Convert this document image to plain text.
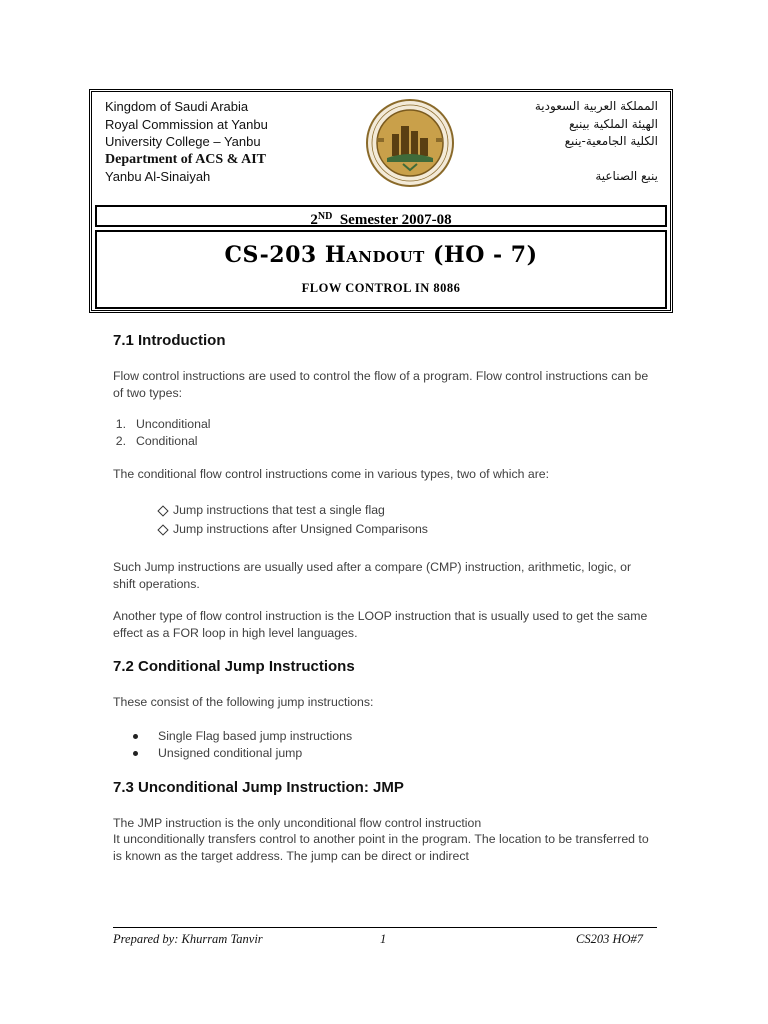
Kingdom of Saudi Arabia
Royal Commission at Yanbu
University College – Yanbu
Department of ACS & AIT
Yanbu Al-Sinaiyah
المملكة العربية السعودية
الهيئة الملكية بينبع
الكلية الجامعية-ينبع
ينبع الصناعية
2ND Semester 2007-08
CS-203 Handout (HO - 7)
FLOW CONTROL IN 8086
7.1 Introduction
Flow control instructions are used to control the flow of a program. Flow control instructions can be of two types:
1. Unconditional
2. Conditional
The conditional flow control instructions come in various types, two of which are:
Jump instructions that test a single flag
Jump instructions after Unsigned Comparisons
Such Jump instructions are usually used after a compare (CMP) instruction, arithmetic, logic, or shift operations.
Another type of flow control instruction is the LOOP instruction that is usually used to get the same effect as a FOR loop in high level languages.
7.2 Conditional Jump Instructions
These consist of the following jump instructions:
Single Flag based jump instructions
Unsigned conditional jump
7.3 Unconditional Jump Instruction: JMP
The JMP instruction is the only unconditional flow control instruction
It unconditionally transfers control to another point in the program. The location to be transferred to is known as the target address. The jump can be direct or indirect
Prepared by: Khurram Tanvir	1	CS203 HO#7
